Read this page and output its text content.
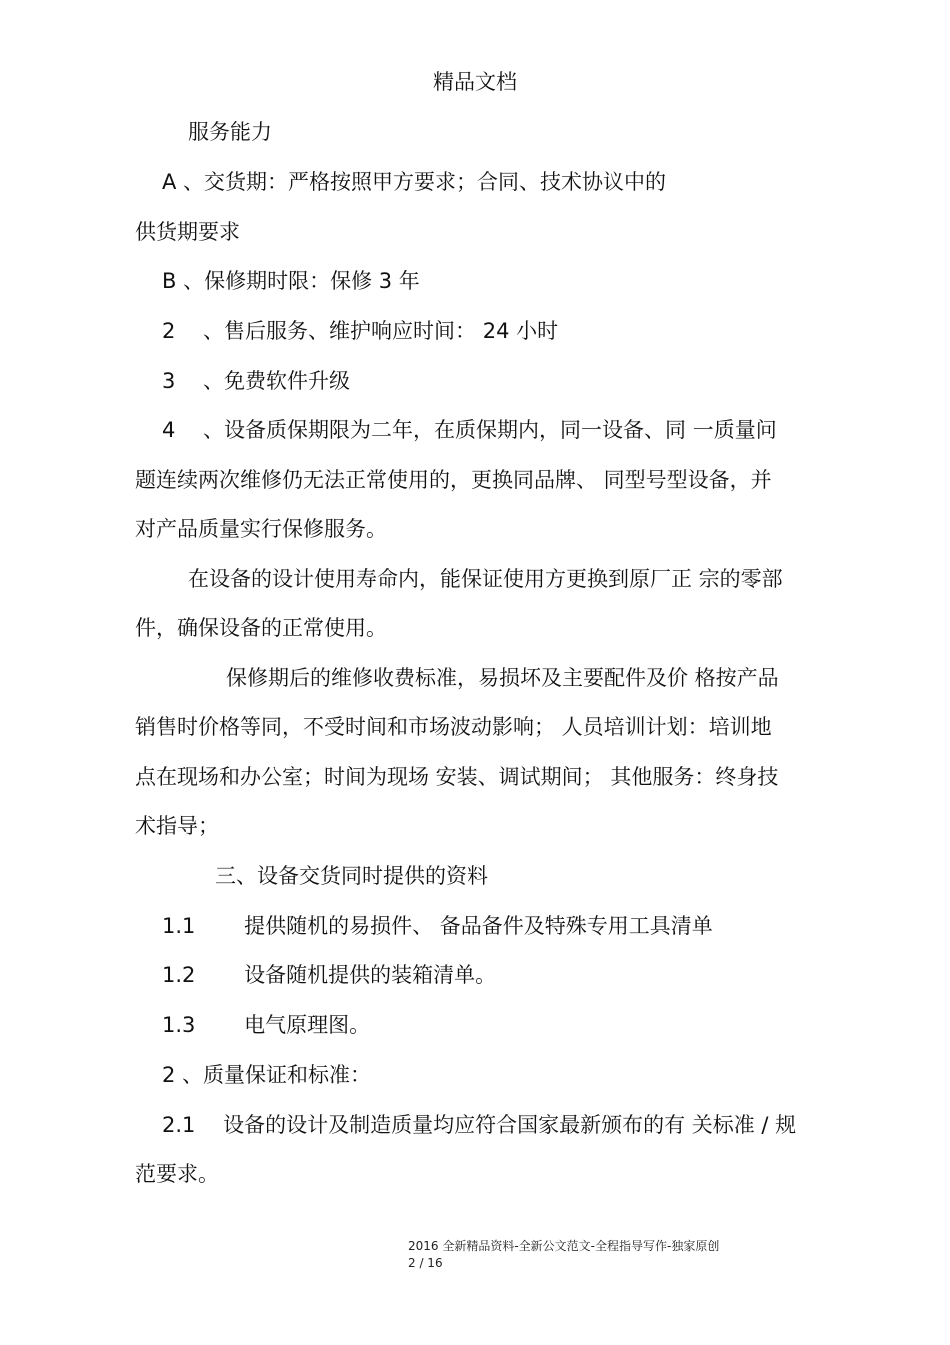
精品文档
服务能力
A 、交货期：严格按照甲方要求；合同、技术协议中的
供货期要求
B 、保修期时限：保修 3 年
2 　、售后服务、维护响应时间： 24 小时
3 　、免费软件升级
4 　、设备质保期限为二年，在质保期内，同一设备、同 一质量问
题连续两次维修仍无法正常使用的，更换同品牌、 同型号型设备，并
对产品质量实行保修服务。
在设备的设计使用寿命内，能保证使用方更换到原厂正 宗的零部
件，确保设备的正常使用。
保修期后的维修收费标准，易损坏及主要配件及价 格按产品
销售时价格等同，不受时间和市场波动影响； 人员培训计划：培训地
点在现场和办公室；时间为现场 安装、调试期间； 其他服务：终身技
术指导；
三、设备交货同时提供的资料
1.1 　　提供随机的易损件、 备品备件及特殊专用工具清单
1.2 　　设备随机提供的装箱清单。
1.3 　　电气原理图。
2 、质量保证和标准：
2.1 　设备的设计及制造质量均应符合国家最新颁布的有 关标准 / 规
范要求。
2016 全新精品资料-全新公文范文-全程指导写作-独家原创
2 / 16
